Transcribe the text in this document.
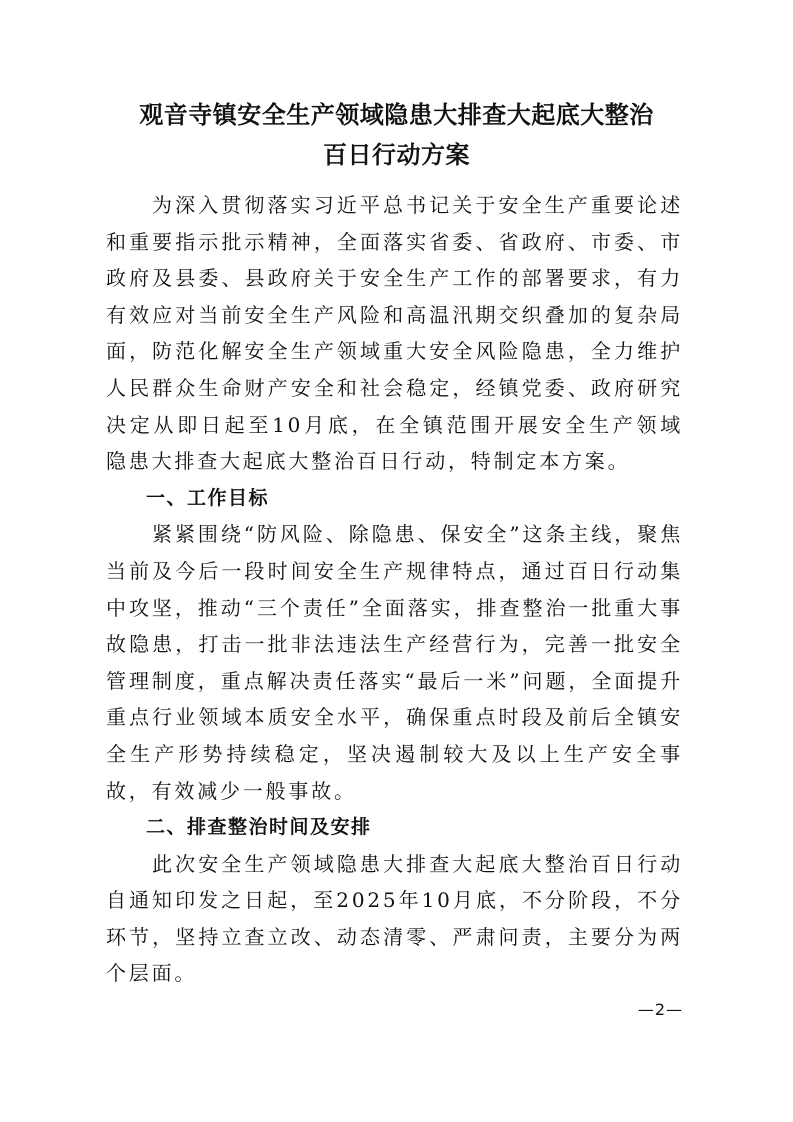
观音寺镇安全生产领域隐患大排查大起底大整治
百日行动方案

为深入贯彻落实习近平总书记关于安全生产重要论述和重要指示批示精神，全面落实省委、省政府、市委、市政府及县委、县政府关于安全生产工作的部署要求，有力有效应对当前安全生产风险和高温汛期交织叠加的复杂局面，防范化解安全生产领域重大安全风险隐患，全力维护人民群众生命财产安全和社会稳定，经镇党委、政府研究决定从即日起至10月底，在全镇范围开展安全生产领域隐患大排查大起底大整治百日行动，特制定本方案。

一、工作目标

紧紧围绕“防风险、除隐患、保安全”这条主线，聚焦当前及今后一段时间安全生产规律特点，通过百日行动集中攻坚，推动“三个责任”全面落实，排查整治一批重大事故隐患，打击一批非法违法生产经营行为，完善一批安全管理制度，重点解决责任落实“最后一米”问题，全面提升重点行业领域本质安全水平，确保重点时段及前后全镇安全生产形势持续稳定，坚决遏制较大及以上生产安全事故，有效减少一般事故。

二、排查整治时间及安排

此次安全生产领域隐患大排查大起底大整治百日行动自通知印发之日起，至2025年10月底，不分阶段，不分环节，坚持立查立改、动态清零、严肃问责，主要分为两个层面。

—2—
